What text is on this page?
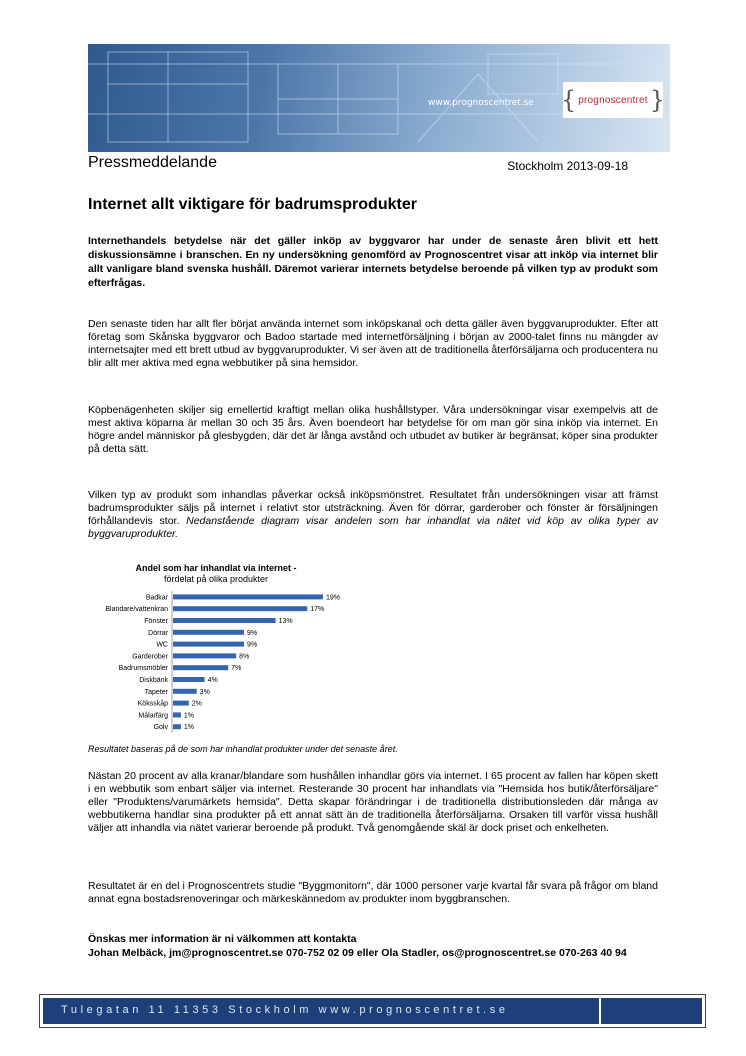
www.prognoscentret.se { prognoscentret }
Pressmeddelande	Stockholm 2013-09-18
Internet allt viktigare för badrumsprodukter

Internethandels betydelse när det gäller inköp av byggvaror har under de senaste åren blivit ett hett diskussionsämne i branschen. En ny undersökning genomförd av Prognoscentret visar att inköp via internet blir allt vanligare bland svenska hushåll. Däremot varierar internets betydelse beroende på vilken typ av produkt som efterfrågas.

Den senaste tiden har allt fler börjat använda internet som inköpskanal och detta gäller även byggvaruprodukter. Efter att företag som Skånska byggvaror och Badoo startade med internetförsäljning i början av 2000-talet finns nu mängder av internetsajter med ett brett utbud av byggvaruprodukter. Vi ser även att de traditionella återförsäljarna och producentera nu blir allt mer aktiva med egna webbutiker på sina hemsidor.

Köpbenägenheten skiljer sig emellertid kraftigt mellan olika hushållstyper. Våra undersökningar visar exempelvis att de mest aktiva köparna är mellan 30 och 35 års. Även boendeort har betydelse för om man gör sina inköp via internet. En högre andel människor på glesbygden, där det är långa avstånd och utbudet av butiker är begränsat, köper sina produkter på detta sätt.

Vilken typ av produkt som inhandlas påverkar också inköpsmönstret. Resultatet från undersökningen visar att främst badrumsprodukter säljs på internet i relativt stor utsträckning. Även för dörrar, garderober och fönster är försäljningen förhållandevis stor. Nedanstående diagram visar andelen som har inhandlat via nätet vid köp av olika typer av byggvaruprodukter.

Andel som har inhandlat via internet -
fördelat på olika produkter
Badkar	19%
Blandare/vattenkran	17%
Fönster	13%
Dörrar	9%
WC	9%
Garderober	8%
Badrumsmöbler	7%
Diskbänk	4%
Tapeter	3%
Köksskåp	2%
Målarfärg 1%
Golv 1%
Resultatet baseras på de som har inhandlat produkter under det senaste året.

Nästan 20 procent av alla kranar/blandare som hushållen inhandlar görs via internet. I 65 procent av fallen har köpen skett i en webbutik som enbart säljer via internet. Resterande 30 procent har inhandlats via "Hemsida hos butik/återförsäljare" eller "Produktens/varumärkets hemsida". Detta skapar förändringar i de traditionella distributionsleden där många av webbutikerna handlar sina produkter på ett annat sätt än de traditionella återförsäljarna. Orsaken till varför vissa hushåll väljer att inhandla via nätet varierar beroende på produkt. Två genomgående skäl är dock priset och enkelheten.

Resultatet är en del i Prognoscentrets studie "Byggmonitorn", där 1000 personer varje kvartal får svara på frågor om bland annat egna bostadsrenoveringar och märkeskännedom av produkter inom byggbranschen.

Önskas mer information är ni välkommen att kontakta
Johan Melbäck, jm@prognoscentret.se 070-752 02 09 eller Ola Stadler, os@prognoscentret.se 070-263 40 94
Tulegatan 11 11353 Stockholm www.prognoscentret.se
